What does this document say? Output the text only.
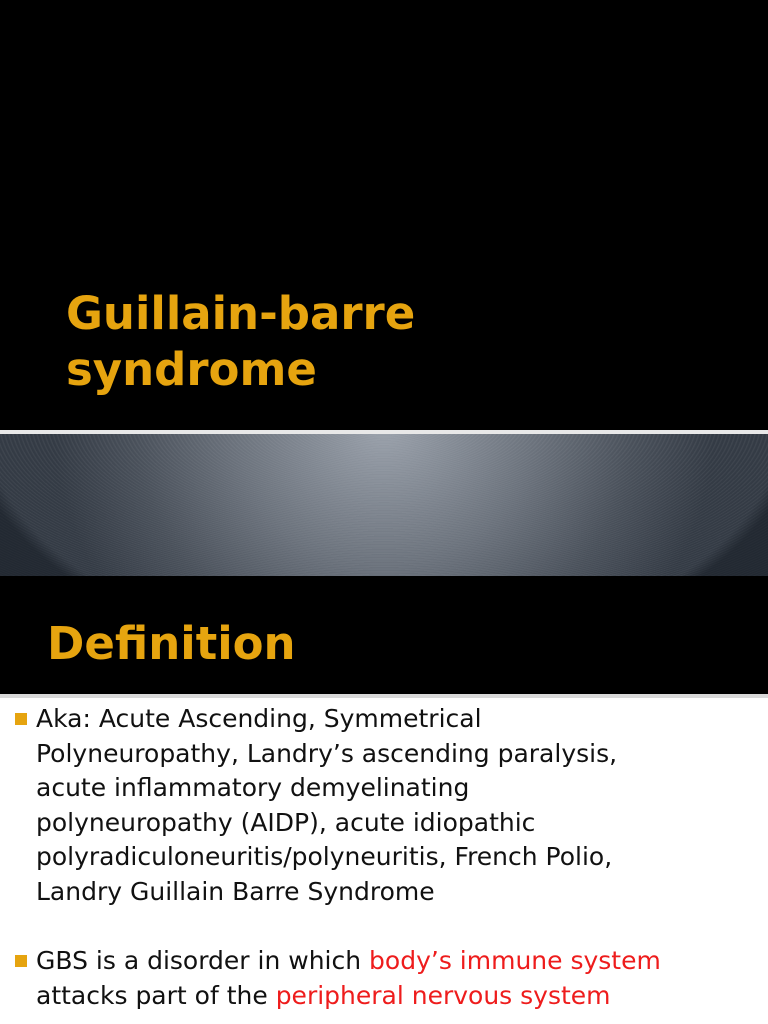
Guillain-barre
syndrome
Definition
Aka: Acute Ascending, Symmetrical
Polyneuropathy, Landry’s ascending paralysis,
acute inflammatory demyelinating
polyneuropathy (AIDP), acute idiopathic
polyradiculoneuritis/polyneuritis, French Polio,
Landry Guillain Barre Syndrome
GBS is a disorder in which body’s immune system
attacks part of the peripheral nervous system
